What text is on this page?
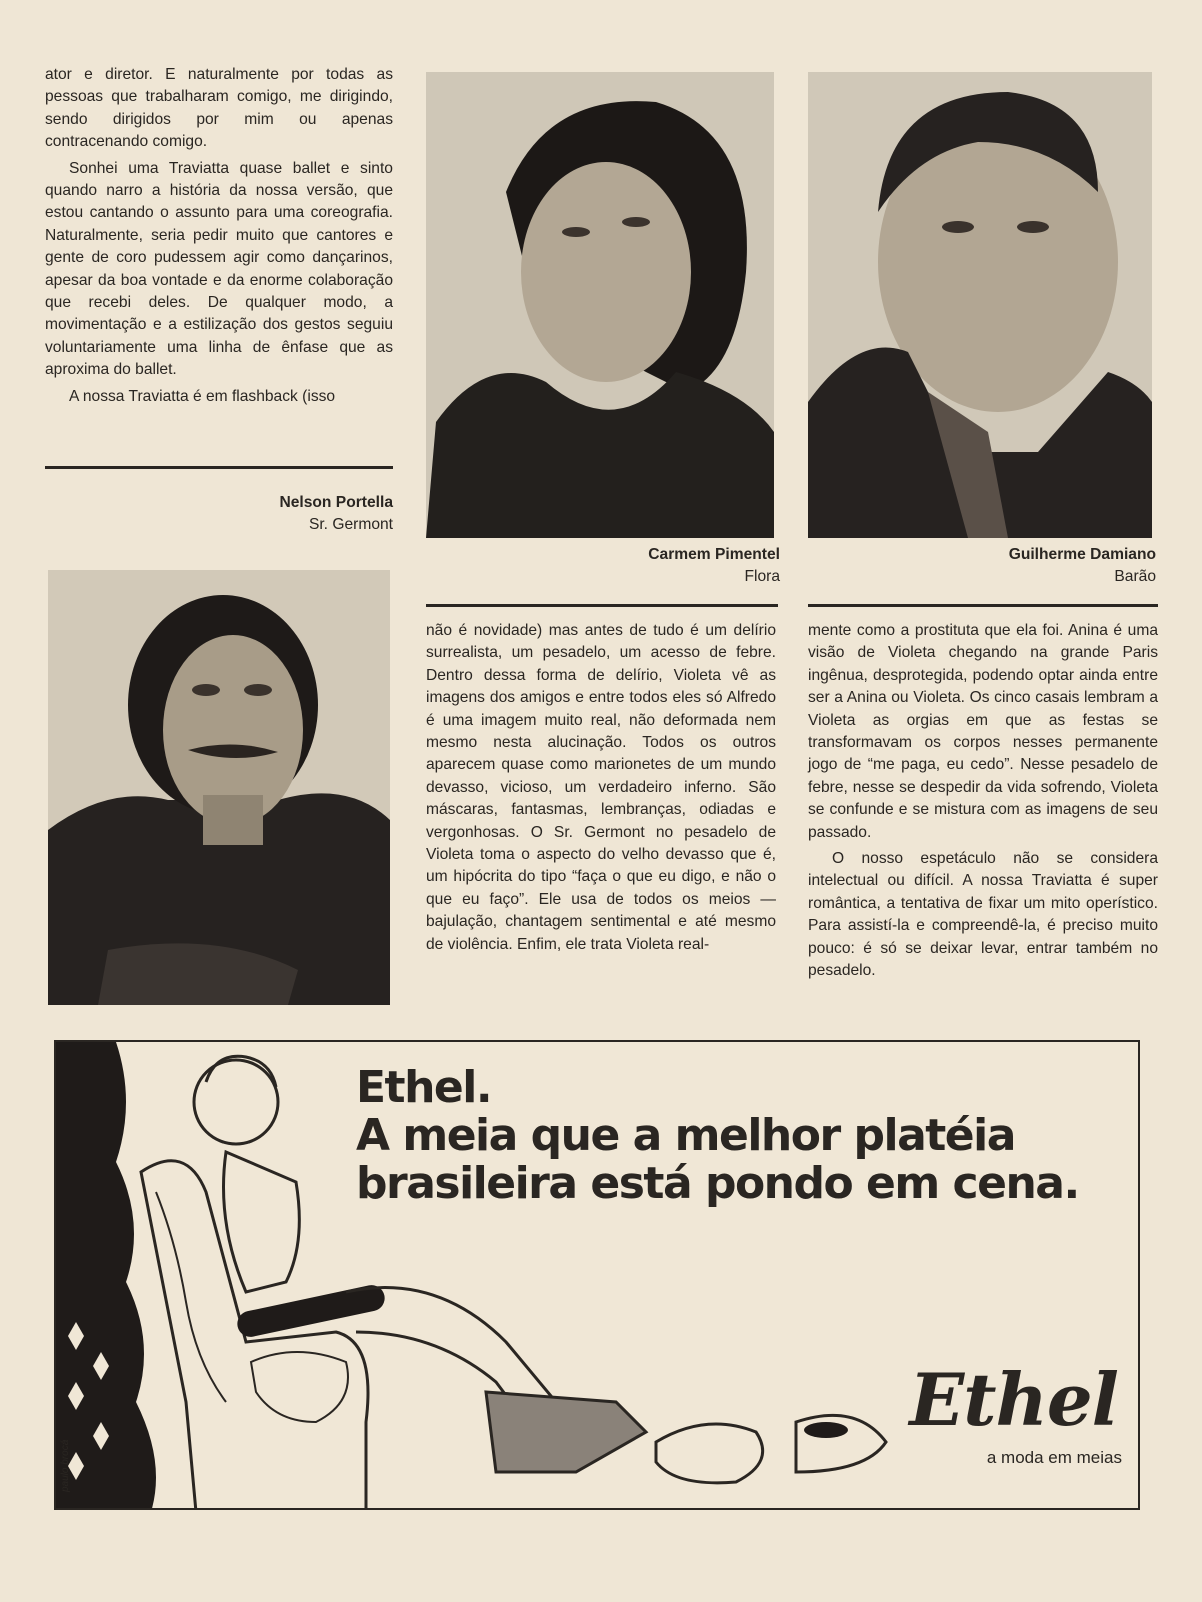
ator e diretor. E naturalmente por todas as pessoas que trabalharam comigo, me dirigindo, sendo dirigidos por mim ou apenas contracenando comigo.

Sonhei uma Traviatta quase ballet e sinto quando narro a história da nossa versão, que estou cantando o assunto para uma coreografia. Naturalmente, seria pedir muito que cantores e gente de coro pudessem agir como dançarinos, apesar da boa vontade e da enorme colaboração que recebi deles. De qualquer modo, a movimentação e a estilização dos gestos seguiu voluntariamente uma linha de ênfase que as aproxima do ballet.

A nossa Traviatta é em flashback (isso

Nelson Portella
Sr. Germont
Carmem Pimentel
Flora
Guilherme Damiano
Barão

não é novidade) mas antes de tudo é um delírio surrealista, um pesadelo, um acesso de febre. Dentro dessa forma de delírio, Violeta vê as imagens dos amigos e entre todos eles só Alfredo é uma imagem muito real, não deformada nem mesmo nesta alucinação. Todos os outros aparecem quase como marionetes de um mundo devasso, vicioso, um verdadeiro inferno. São máscaras, fantasmas, lembranças, odiadas e vergonhosas. O Sr. Germont no pesadelo de Violeta toma o aspecto do velho devasso que é, um hipócrita do tipo “faça o que eu digo, e não o que eu faço”. Ele usa de todos os meios — bajulação, chantagem sentimental e até mesmo de violência. Enfim, ele trata Violeta real-

mente como a prostituta que ela foi. Anina é uma visão de Violeta chegando na grande Paris ingênua, desprotegida, podendo optar ainda entre ser a Anina ou Violeta. Os cinco casais lembram a Violeta as orgias em que as festas se transformavam os corpos nesses permanente jogo de “me paga, eu cedo”. Nesse pesadelo de febre, nesse se despedir da vida sofrendo, Violeta se confunde e se mistura com as imagens de seu passado.

O nosso espetáculo não se considera intelectual ou difícil. A nossa Traviatta é super romântica, a tentativa de fixar um mito operístico. Para assistí-la e compreendê-la, é preciso muito pouco: é só se deixar levar, entrar também no pesadelo.

Ethel.
A meia que a melhor platéia
brasileira está pondo em cena.
Ethel
a moda em meias
paulo brocá
